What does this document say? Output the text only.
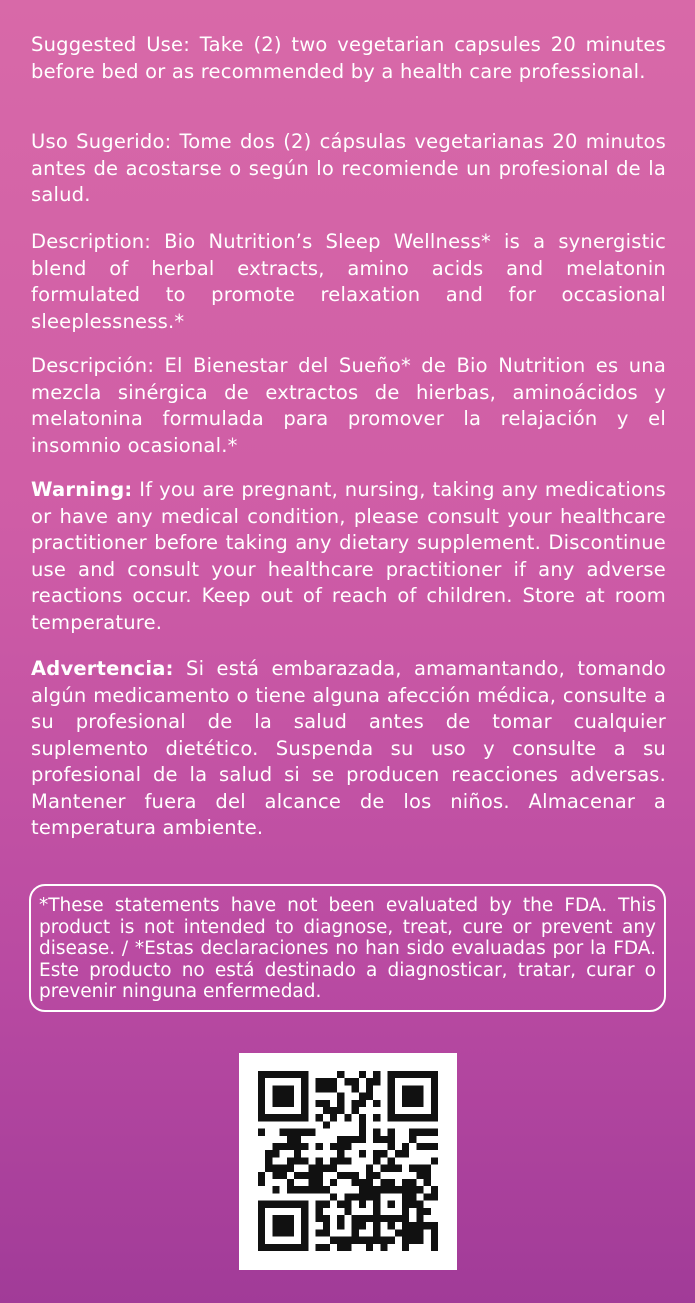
Suggested Use: Take (2) two vegetarian capsules 20 minutes before bed or as recommended by a health care professional.

Uso Sugerido: Tome dos (2) cápsulas vegetarianas 20 minutos antes de acostarse o según lo recomiende un profesional de la salud.

Description: Bio Nutrition’s Sleep Wellness* is a synergistic blend of herbal extracts, amino acids and melatonin formulated to promote relaxation and for occasional sleeplessness.*

Descripción: El Bienestar del Sueño* de Bio Nutrition es una mezcla sinérgica de extractos de hierbas, aminoácidos y melatonina formulada para promover la relajación y el insomnio ocasional.*

Warning: If you are pregnant, nursing, taking any medications or have any medical condition, please consult your healthcare practitioner before taking any dietary supplement. Discontinue use and consult your healthcare practitioner if any adverse reactions occur. Keep out of reach of children. Store at room temperature.

Advertencia: Si está embarazada, amamantando, tomando algún medicamento o tiene alguna afección médica, consulte a su profesional de la salud antes de tomar cualquier suplemento dietético. Suspenda su uso y consulte a su profesional de la salud si se producen reacciones adversas. Mantener fuera del alcance de los niños. Almacenar a temperatura ambiente.

*These statements have not been evaluated by the FDA. This product is not intended to diagnose, treat, cure or prevent any disease. / *Estas declaraciones no han sido evaluadas por la FDA. Este producto no está destinado a diagnosticar, tratar, curar o prevenir ninguna enfermedad.
